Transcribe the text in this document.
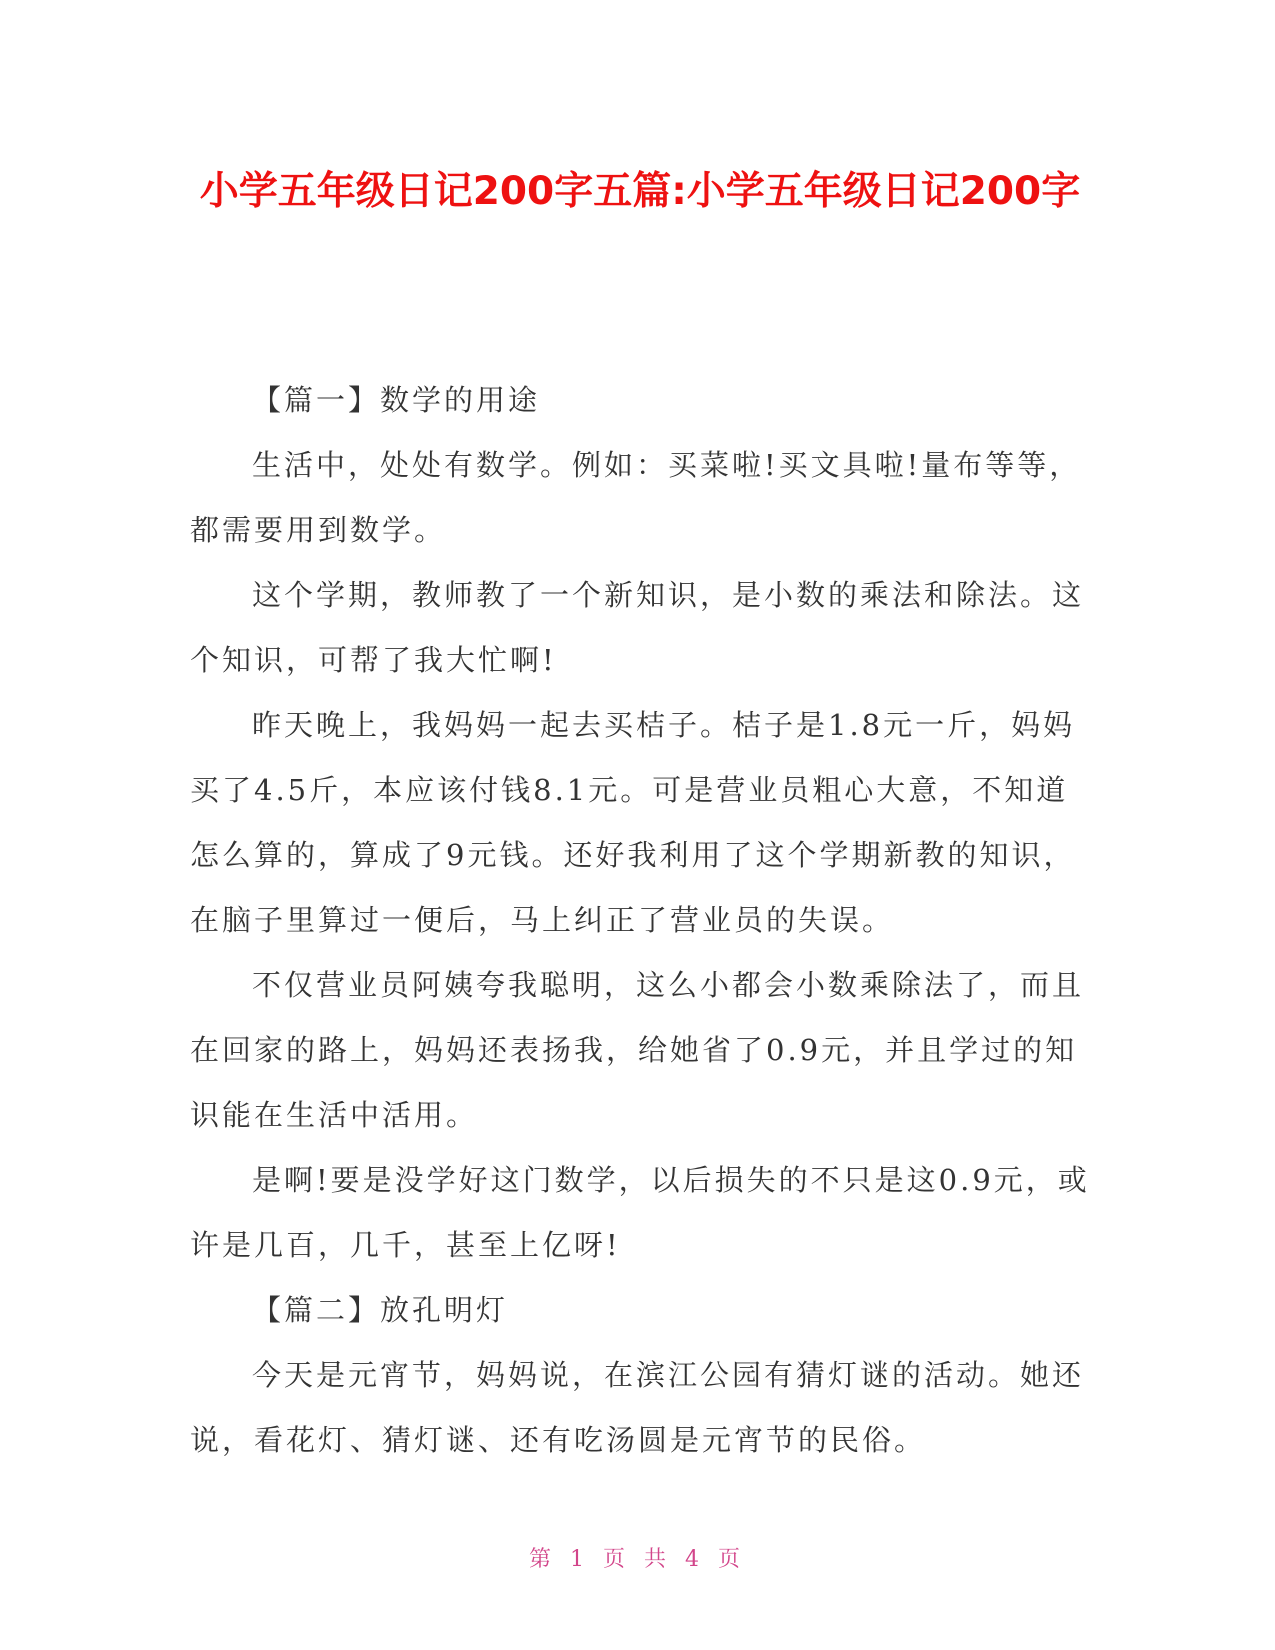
小学五年级日记200字五篇:小学五年级日记200字

【篇一】数学的用途

生活中，处处有数学。例如：买菜啦!买文具啦!量布等等，都需要用到数学。

这个学期，教师教了一个新知识，是小数的乘法和除法。这个知识，可帮了我大忙啊!

昨天晚上，我妈妈一起去买桔子。桔子是1.8元一斤，妈妈买了4.5斤，本应该付钱8.1元。可是营业员粗心大意，不知道怎么算的，算成了9元钱。还好我利用了这个学期新教的知识，在脑子里算过一便后，马上纠正了营业员的失误。

不仅营业员阿姨夸我聪明，这么小都会小数乘除法了，而且在回家的路上，妈妈还表扬我，给她省了0.9元，并且学过的知识能在生活中活用。

是啊!要是没学好这门数学，以后损失的不只是这0.9元，或许是几百，几千，甚至上亿呀!

【篇二】放孔明灯

今天是元宵节，妈妈说，在滨江公园有猜灯谜的活动。她还说，看花灯、猜灯谜、还有吃汤圆是元宵节的民俗。

第 1 页 共 4 页
